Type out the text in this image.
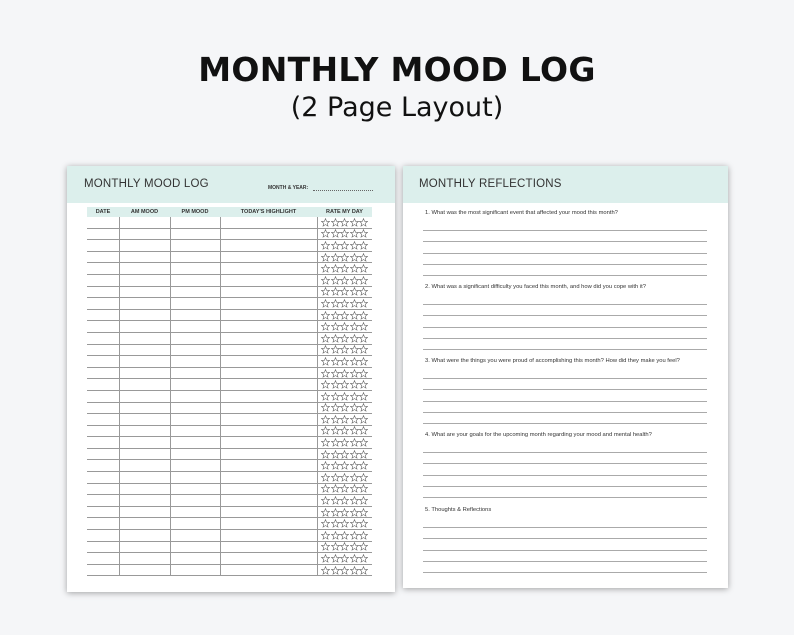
MONTHLY MOOD LOG
(2 Page Layout)
MONTHLY MOOD LOG	MONTH & YEAR:
DATE	AM MOOD	PM MOOD	TODAY'S HIGHLIGHT	RATE MY DAY

MONTHLY REFLECTIONS
1. What was the most significant event that affected your mood this month?
2. What was a significant difficulty you faced this month, and how did you cope with it?
3. What were the things you were proud of accomplishing this month? How did they make you feel?
4. What are your goals for the upcoming month regarding your mood and mental health?
5. Thoughts & Reflections
